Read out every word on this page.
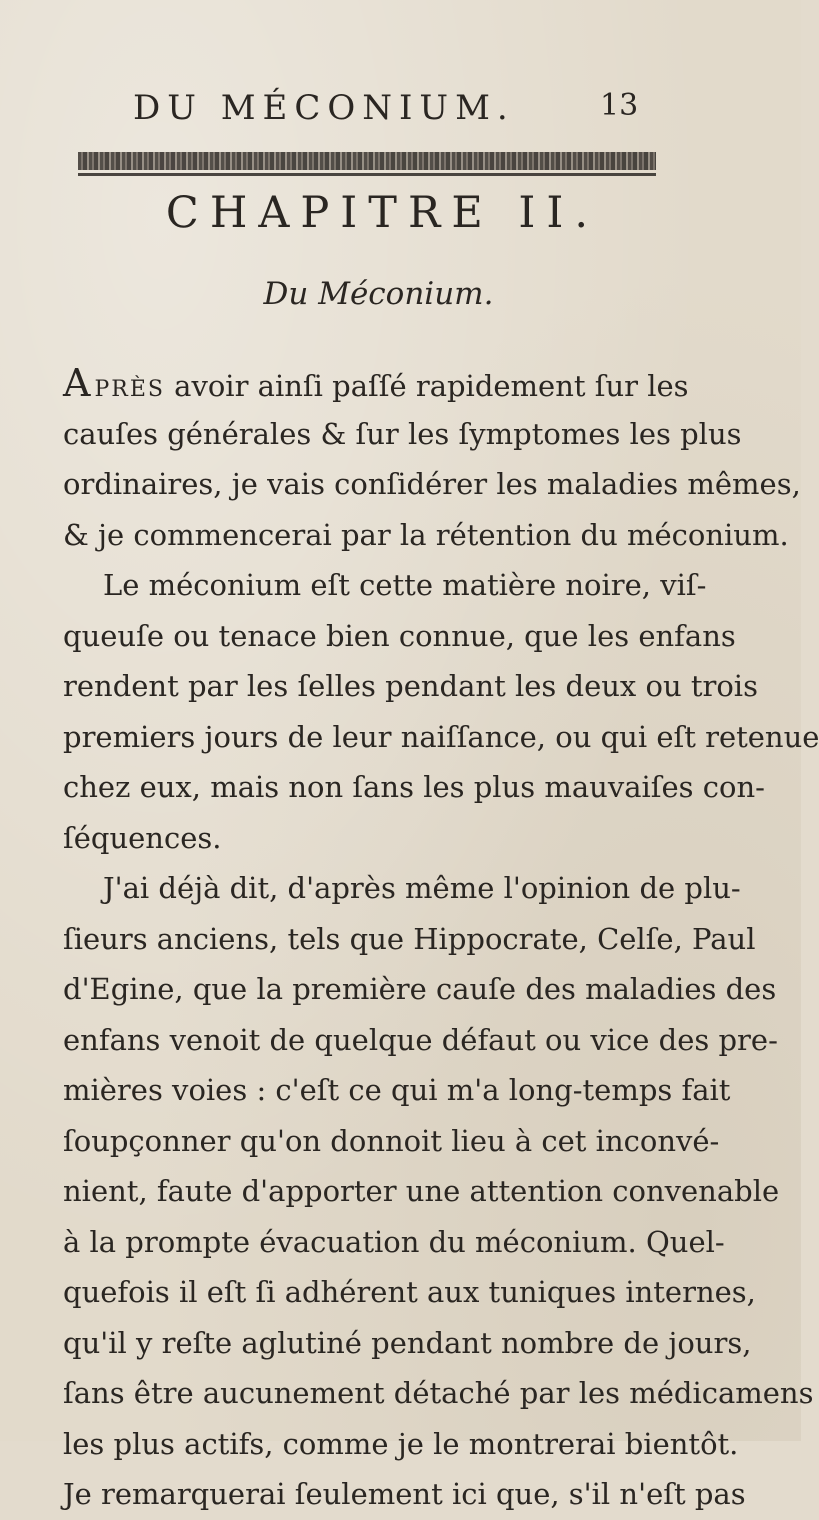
DU MÉCONIUM.	13
CHAPITRE II.
Du Méconium.
APRÈS avoir ainſi paſſé rapidement ſur les
cauſes générales & ſur les ſymptomes les plus
ordinaires, je vais conſidérer les maladies mêmes,
& je commencerai par la rétention du méconium.
Le méconium eſt cette matière noire, viſ-
queuſe ou tenace bien connue, que les enfans
rendent par les ſelles pendant les deux ou trois
premiers jours de leur naiſſance, ou qui eſt retenue
chez eux, mais non ſans les plus mauvaiſes con-
ſéquences.
J'ai déjà dit, d'après même l'opinion de plu-
ſieurs anciens, tels que Hippocrate, Celſe, Paul
d'Egine, que la première cauſe des maladies des
enfans venoit de quelque défaut ou vice des pre-
mières voies : c'eſt ce qui m'a long-temps fait
ſoupçonner qu'on donnoit lieu à cet inconvé-
nient, faute d'apporter une attention convenable
à la prompte évacuation du méconium. Quel-
quefois il eſt ſi adhérent aux tuniques internes,
qu'il y reſte aglutiné pendant nombre de jours,
ſans être aucunement détaché par les médicamens
les plus actifs, comme je le montrerai bientôt.
Je remarquerai ſeulement ici que, s'il n'eſt pas
